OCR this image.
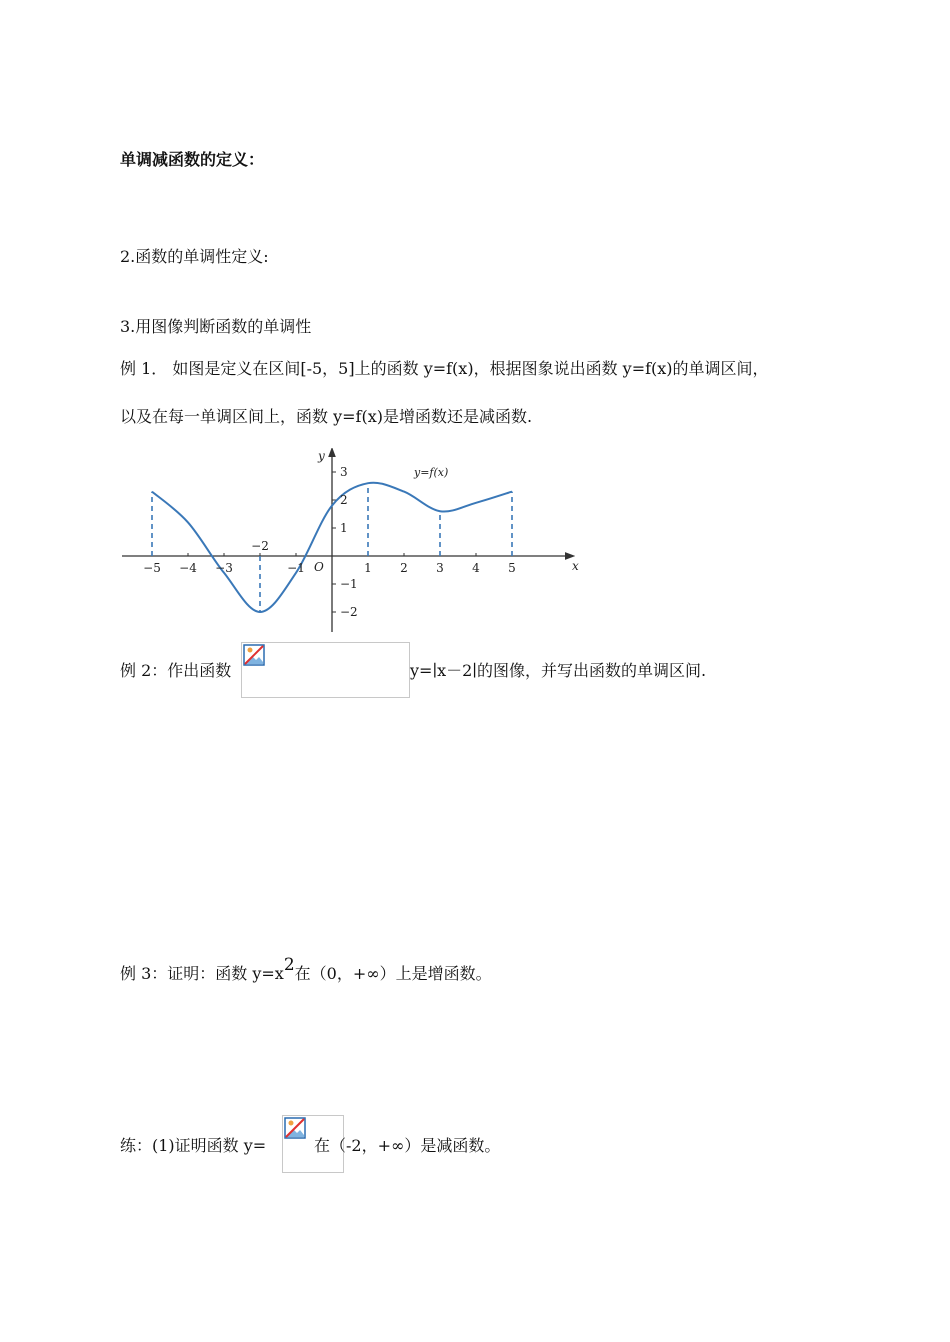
单调减函数的定义：
2.函数的单调性定义:
3.用图像判断函数的单调性
例 1． 如图是定义在区间[-5，5]上的函数 y=f(x)，根据图象说出函数 y=f(x)的单调区间，
以及在每一单调区间上，函数 y=f(x)是增函数还是减函数.
−5 −4 −3	−1	1 2 3 4 5
−2
3
2
1
−1
−2
O	x
y
y=f(x)
例 2：作出函数	y=∣x－2∣的图像，并写出函数的单调区间.
例 3：证明：函数 $y=x^2$在（0，+∞）上是增函数。
练：(1)证明函数 y=	在（-2，+∞）是减函数。
